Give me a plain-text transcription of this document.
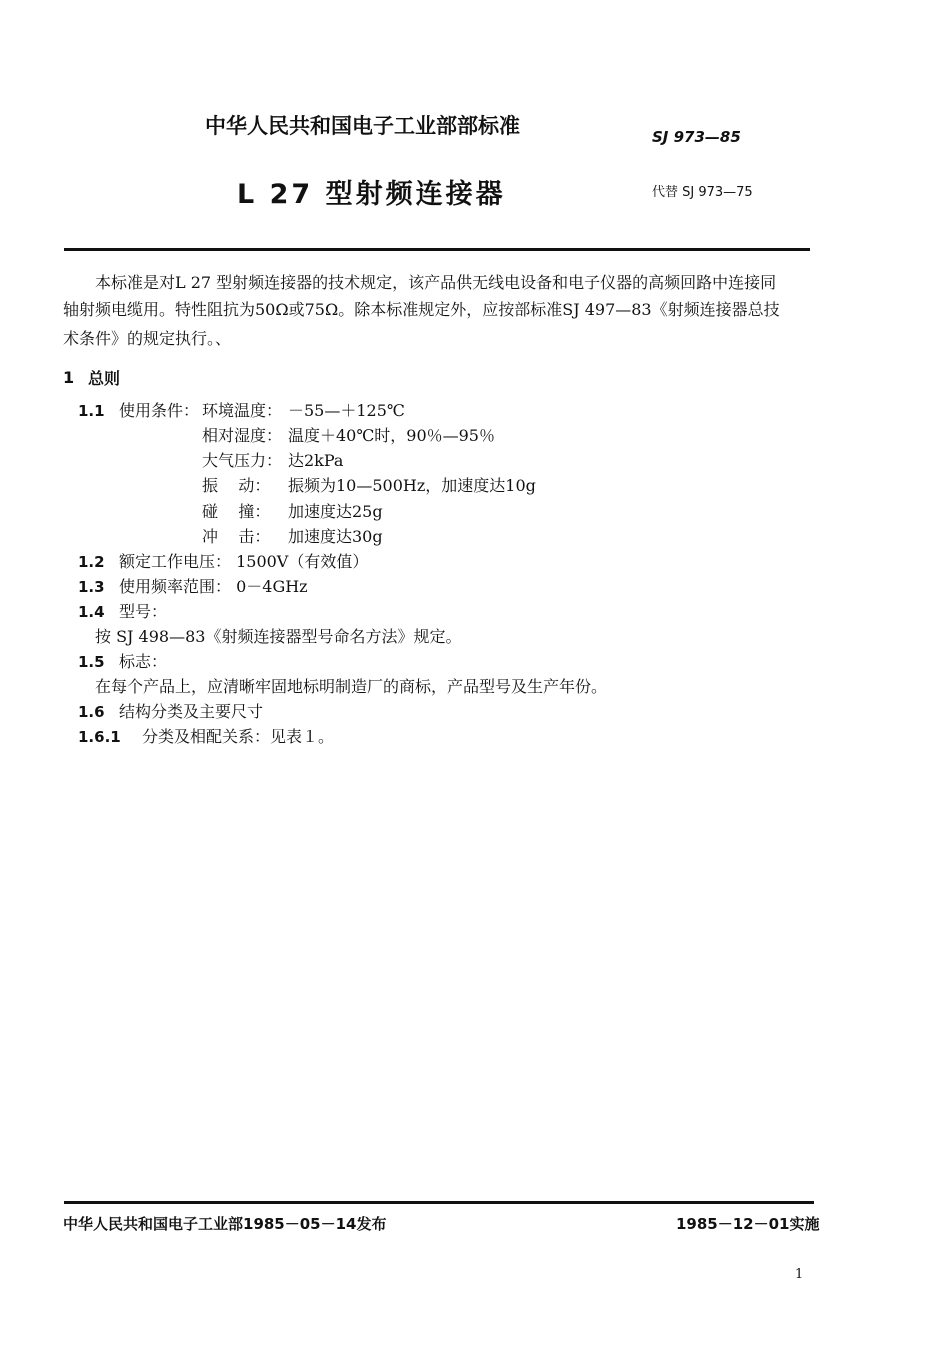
中华人民共和国电子工业部部标准	SJ 973—85
L 27 型射频连接器	代替 SJ 973—75
本标准是对L 27 型射频连接器的技术规定，该产品供无线电设备和电子仪器的高频回路中连接同
轴射频电缆用。特性阻抗为50Ω或75Ω。除本标准规定外，应按部标准SJ 497—83《射频连接器总技
术条件》的规定执行。、
1 总则
1.1 使用条件： 环境温度： －55—＋125℃
相对湿度： 温度＋40℃时，90％—95％
大气压力： 达2kPa
振    动： 振频为10—500Hz，加速度达10g
碰    撞： 加速度达25g
冲    击： 加速度达30g
1.2 额定工作电压： 1500V（有效值）
1.3 使用频率范围： 0－4GHz
1.4 型号：
按 SJ 498—83《射频连接器型号命名方法》规定。
1.5 标志：
在每个产品上，应清晰牢固地标明制造厂的商标，产品型号及生产年份。
1.6 结构分类及主要尺寸
1.6.1 分类及相配关系：见表１。
中华人民共和国电子工业部1985－05－14发布	1985－12－01实施
1
